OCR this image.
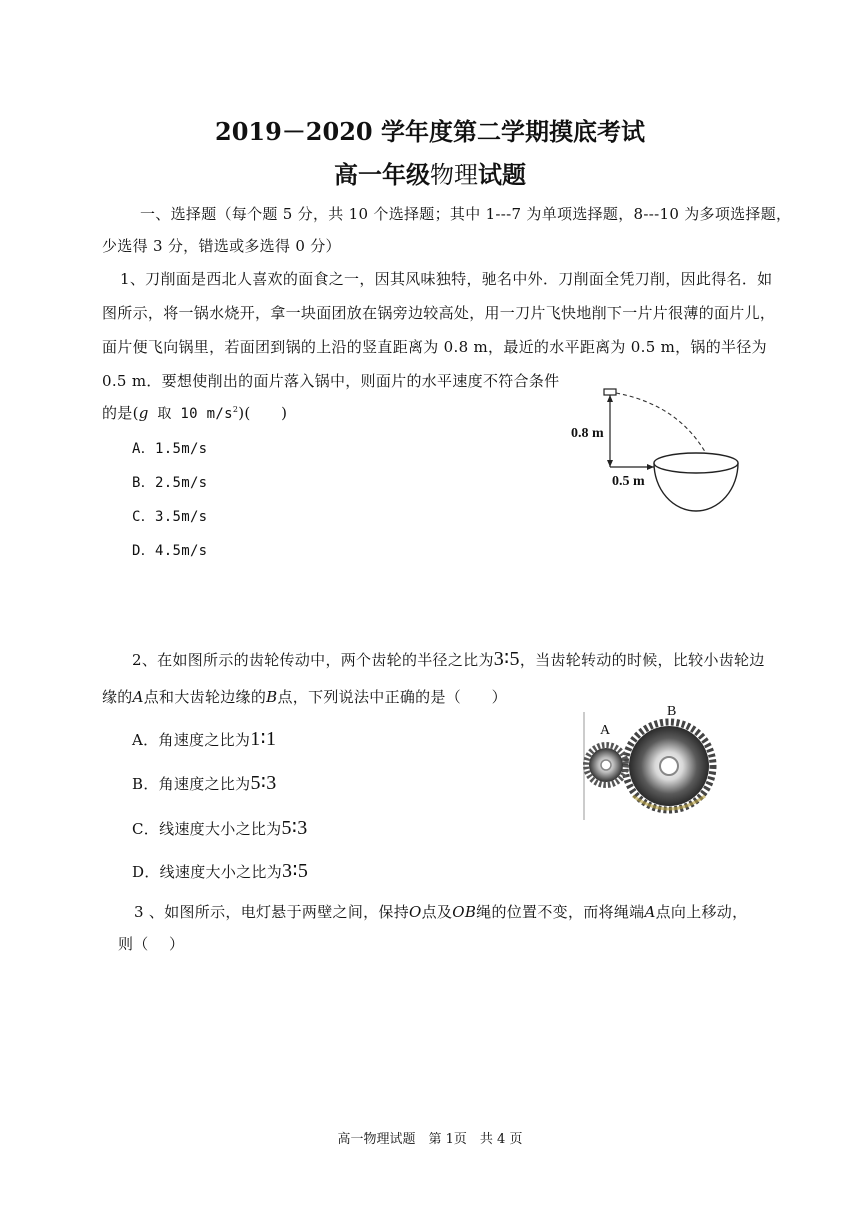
2019－2020 学年度第二学期摸底考试
高一年级物理试题
一、选择题（每个题 5 分，共 10 个选择题；其中 1---7 为单项选择题，8---10 为多项选择题，
少选得 3 分，错选或多选得 0 分）
1、刀削面是西北人喜欢的面食之一，因其风味独特，驰名中外．刀削面全凭刀削，因此得名．如
图所示，将一锅水烧开，拿一块面团放在锅旁边较高处，用一刀片飞快地削下一片片很薄的面片儿，
面片便飞向锅里，若面团到锅的上沿的竖直距离为 0.8 m，最近的水平距离为 0.5 m，锅的半径为
0.5 m．要想使削出的面片落入锅中，则面片的水平速度不符合条件
的是(g 取 10 $m/s^2$)(　　)
A．1.5m/s
B．2.5m/s
C．3.5m/s
D．4.5m/s
0.8 m
0.5 m
2、在如图所示的齿轮传动中，两个齿轮的半径之比为3∶5，当齿轮转动的时候，比较小齿轮边
缘的A点和大齿轮边缘的B点，下列说法中正确的是（　　）
A．角速度之比为1∶1
B．角速度之比为5∶3
C．线速度大小之比为5∶3
D．线速度大小之比为3∶5
A
B
3 、如图所示，电灯悬于两壁之间，保持O点及OB绳的位置不变，而将绳端A点向上移动，
则（　 ）
高一物理试题　第 1页　共 4 页
